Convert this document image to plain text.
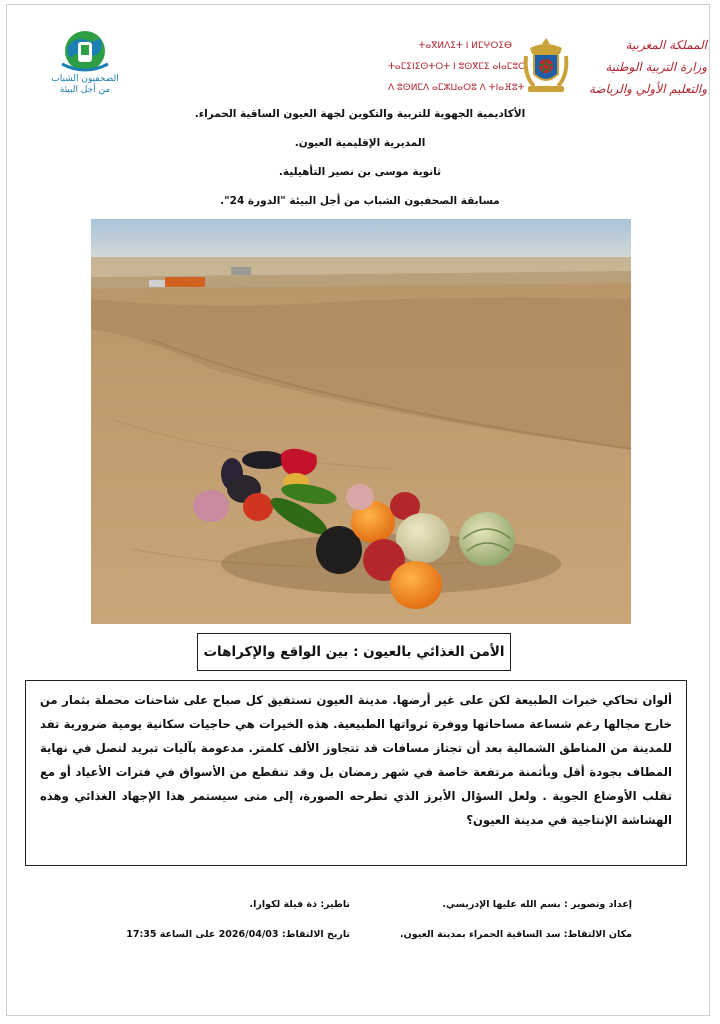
الصحفيون الشباب
من أجل البيئة
ⵜⴰⴳⵍⴷⵉⵜ ⵏ ⵍⵎⵖⵔⵉⴱ
ⵜⴰⵎⵉⵏⵉⵙⵜⵔⵜ ⵏ ⵓⵙⴳⵎⵉ ⴰⵏⴰⵎⵓⵔ
ⴷ ⵓⵙⵍⵎⴷ ⴰⵎⵣⵡⴰⵔⵓ ⴷ ⵜⵏⴰⴼⵓⵜ
المملكة المغربية
وزارة التربية الوطنية
والتعليم الأولي والرياضة
الأكاديمية الجهوية للتربية والتكوين لجهة العيون الساقية الحمراء.
المديرية الإقليمية العيون.
ثانوية موسى بن نصير التأهيلية.
مسابقة الصحفيون الشباب من أجل البيئة "الدورة 24".
الأمن الغذائي بالعيون : بين الواقع والإكراهات
ألوان تحاكي خبرات الطبيعة لكن على غير أرضها. مدينة العيون تستفيق كل صباح على شاحنات محملة بثمار من خارج مجالها رغم شساعة مساحاتها ووفرة ثرواتها الطبيعية. هذه الخيرات هي حاجيات سكانية يومية ضرورية تفد للمدينة من المناطق الشمالية بعد أن تجتاز مسافات قد تتجاوز الألف كلمتر. مدعومة بآليات تبريد لتصل في نهاية المطاف بجودة أقل وبأثمنة مرتفعة خاصة في شهر رمضان بل وقد تنقطع من الأسواق في فترات الأعياد أو مع تقلب الأوضاع الجوية . ولعل السؤال الأبرز الذي تطرحه الصورة، إلى متى سيستمر هذا الإجهاد الغذائي وهذه الهشاشة الإنتاجية في مدينة العيون؟
إعداد وتصوير : بسم الله عليها الإدريسي.
مكان الالتقاط: سد الساقية الحمراء بمدينة العيون.
تاطير: ذة فيلة لكوارا.
تاريخ الالتقاط: 2026/04/03 على الساعة 17:35
